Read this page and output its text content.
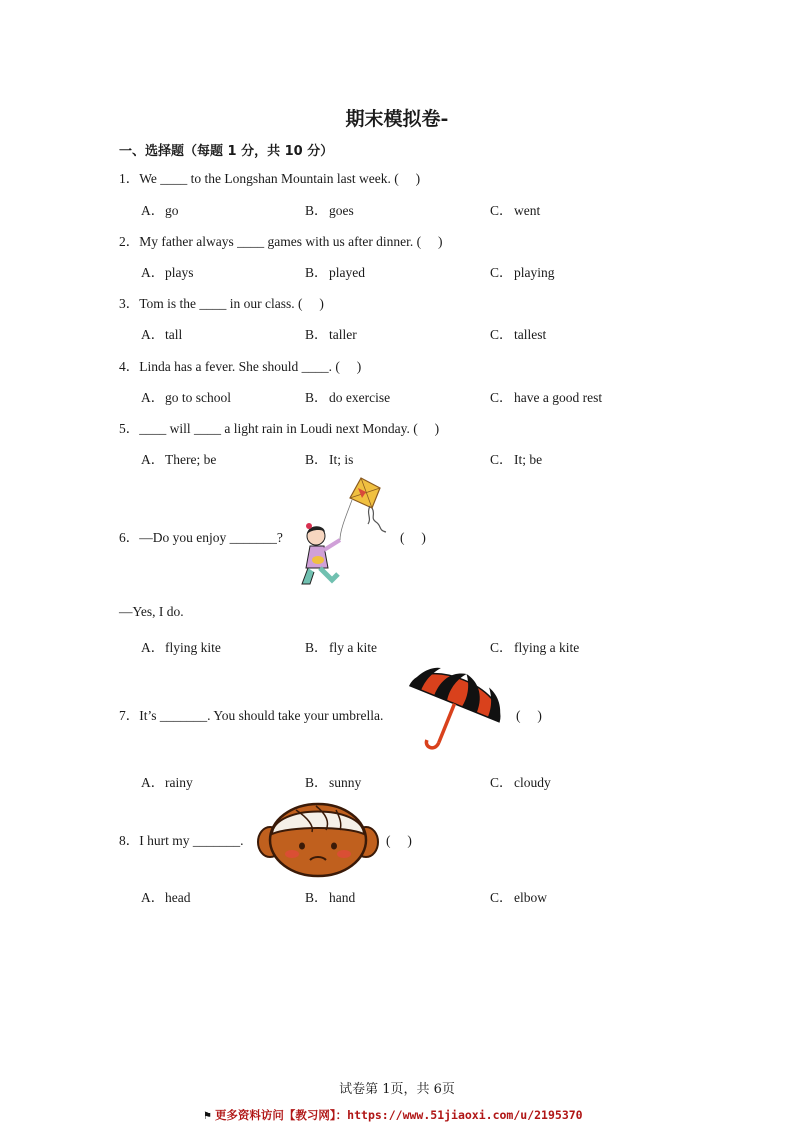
期末模拟卷-
一、选择题（每题 1 分，共 10 分）
1．We ____ to the Longshan Mountain last week. (　 )
A．go	B．goes	C．went
2．My father always ____ games with us after dinner. (　 )
A．plays	B．played	C．playing
3．Tom is the ____ in our class. (　 )
A．tall	B．taller	C．tallest
4．Linda has a fever. She should ____. (　 )
A．go to school	B．do exercise	C．have a good rest
5．____ will ____ a light rain in Loudi next Monday. (　 )
A．There; be	B．It; is	C．It; be
6．—Do you enjoy _______?	(　 )
—Yes, I do.
A．flying kite	B．fly a kite	C．flying a kite
7．It’s _______. You should take your umbrella.	(　 )
A．rainy	B．sunny	C．cloudy
8．I hurt my _______.	(　 )
A．head	B．hand	C．elbow
试卷第 1页，共 6页
⚑ 更多资料访问【教习网】：https://www.51jiaoxi.com/u/2195370
